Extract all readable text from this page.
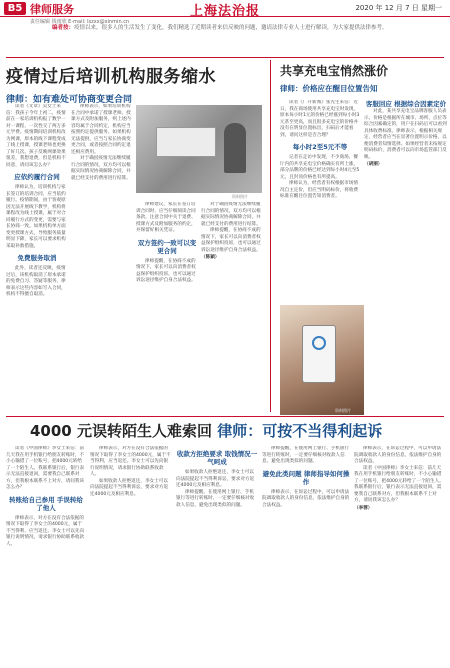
B5 律师服务	上海法治报	2020 年 12 月 7 日 星期一
责任编辑 钱雨欣 E-mail: lszxx@xinmin.cn
编者按：疫情以来，很多人的生活发生了变化。我们精选了近期读者来信反映的问题，邀请法律专业人士进行解读，为大家提供法律参考。
疫情过后培训机构服务缩水
律师：如有难处可协商变更合同

读者《文章》吴女士来信：我孩子今年上初二，疫情前在一家培训机构报了数学一对一课程，一次性交了两万多元学费。疫情期间培训机构改为网课，原本的线下课程变成了线上授课，授课老师也更换了好几次。孩子反映网课效果很差，我想退费，但是机构不同意，请问该怎么办？

应依约履行合同

律师认为，培训机构与家长签订的培训合同，应当依约履行。疫情期间，由于客观原因无法开展线下教学，机构将课程改为线上授课，属于对合同履行方式的变更，需要与家长协商一致。如果机构单方面变更授课方式，导致服务质量明显下降，家长可以要求机构采取补救措施。

免费服务取消

此外，读者还反映，疫情过后，该机构取消了原本承诺的免费自习、答疑等服务，律师表示这些内容如写入合同，机构不得擅自取消。

律师表示，如果培训机构在合同中承诺了授课老师、授课方式及附加服务，则上述内容均属于合同约定，机构应当按照约定提供服务。如果机构无法提供，应当与家长协商变更合同，或者按照合同约定退还相应费用。

对于确因疫情无法继续履行合同的情况，双方均可以根据实际情况协商解除合同，并就已经支付的费用进行结算。

资料图片

律师建议，家长在签订培训合同时，应当仔细阅读合同条款，注意合同中关于退费、授课方式及附加服务的约定，并保留好相关凭证。

双方签约一致可以变更合同

律师提醒，在协商不成的情况下，家长可以向消费者权益保护组织投诉，也可以通过诉讼途径维护自身合法权益。

对于确因疫情无法继续履行合同的情况，双方均可以根据实际情况协商解除合同，并就已经支付的费用进行结算。

律师提醒，在协商不成的情况下，家长可以向消费者权益保护组织投诉，也可以通过诉讼途径维护自身合法权益。

（陈颖）
共享充电宝悄然涨价
律师：价格应在醒目位置告知

读者《广开新闻》张先生来信：近日，我在商场使用共享充电宝时发现，原本每小时1元的价格已经涨到每小时3元甚至更高，而且很多充电宝的价格并没有在明显位置标出，扫码后才能看到，请问这样是否合理？

每小时2至5元不等

记者在走访中发现，不少商场、餐厅内的共享充电宝价格确实有所上涨，部分品牌的价格已经达到每小时4元至5元，且封顶价格也有所提高。

律师认为，经营者有权根据市场情况自主定价，但应当明码标价，将收费标准在醒目位置告知消费者。

资料图片
客服回应 根据综合因素定价

对此，某共享充电宝品牌客服人员表示，价格是根据所在城市、场所、点位等综合因素确定的，用户在扫码后可以看到具体收费标准。律师表示，根据相关规定，经营者应当在显著位置明示价格，以便消费者知情选择。如果经营者未按规定明码标价，消费者可以向市场监管部门反映。

（胡丽）
4000 元误转陌生人难索回 律师：可按不当得利起诉

读者《中国律师》李女士来信：前几天我在用手机银行给朋友转账时，不小心输错了一位账号，把4000元转给了一个陌生人。我联系银行后，银行表示无法直接退回，需要我自己联系对方，但我根本联系不上对方，请问我该怎么办？

转账给自己参用 手误转给了他人

律师表示，对方在没有合法依据的情况下取得了李女士的4000元，属于不当得利，应当返还。李女士可以先向银行说明情况，请求银行协助联系收款人。

律师表示，对方在没有合法依据的情况下取得了李女士的4000元，属于不当得利，应当返还。李女士可以先向银行说明情况，请求银行协助联系收款人。

如果收款人拒绝返还，李女士可以向法院提起不当得利诉讼，要求对方返还4000元及相应利息。

收款方拒绝要求 取钱情况一气呵成

如果收款人拒绝返还，李女士可以向法院提起不当得利诉讼，要求对方返还4000元及相应利息。

律师提醒，在使用网上银行、手机银行等进行转账时，一定要仔细核对收款人信息，避免出现类似的问题。

律师提醒，在使用网上银行、手机银行等进行转账时，一定要仔细核对收款人信息，避免出现类似的问题。

避免此类问题 律师指导如何操作

律师表示，在诉讼过程中，可以申请法院调取收款人的身份信息，依法维护自身的合法权益。

律师表示，在诉讼过程中，可以申请法院调取收款人的身份信息，依法维护自身的合法权益。

读者《中国律师》李女士来信：前几天我在用手机银行给朋友转账时，不小心输错了一位账号，把4000元转给了一个陌生人。我联系银行后，银行表示无法直接退回，需要我自己联系对方，但我根本联系不上对方，请问我该怎么办？

（李蓉）
